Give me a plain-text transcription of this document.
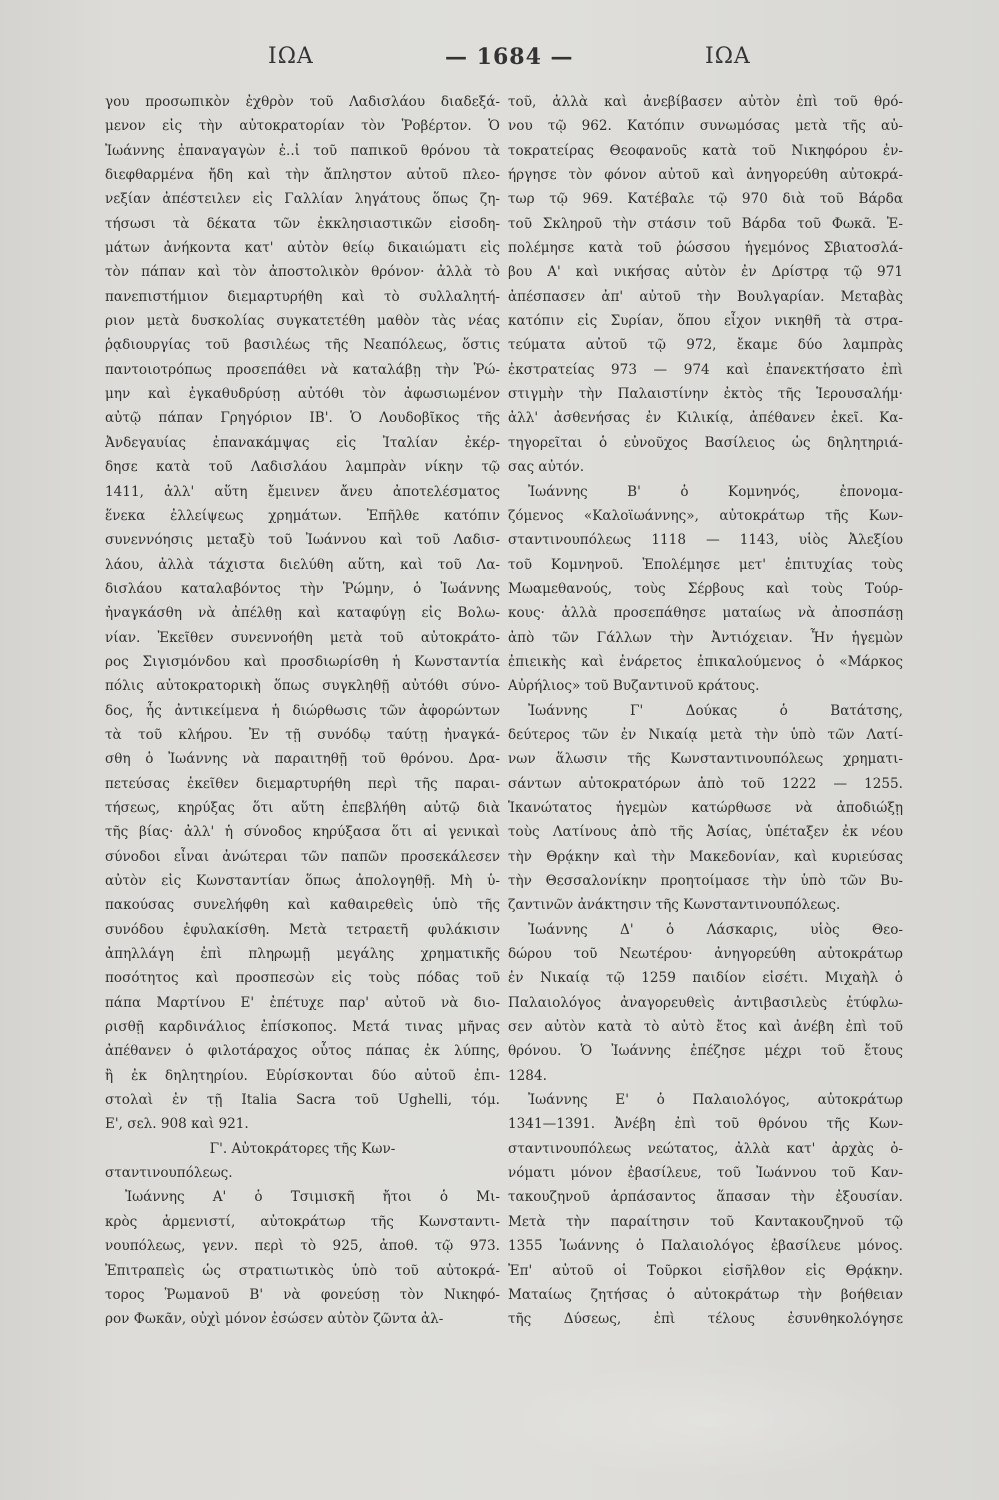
ΙΩΑ	— 1684 —	ΙΩΑ
γου προσωπικὸν ἐχθρὸν τοῦ Λαδισλάου διαδεξά-
μενον εἰς τὴν αὐτοκρατορίαν τὸν Ῥοβέρτον. Ὁ
Ἰωάννης ἐπαναγαγὼν ἐ..ἰ τοῦ παπικοῦ θρόνου τὰ
διεφθαρμένα ἤδη καὶ τὴν ἄπληστον αὐτοῦ πλεο-
νεξίαν ἀπέστειλεν εἰς Γαλλίαν ληγάτους ὅπως ζη-
τήσωσι τὰ δέκατα τῶν ἐκκλησιαστικῶν εἰσοδη-
μάτων ἀνήκοντα κατ' αὐτὸν θείῳ δικαιώματι εἰς
τὸν πάπαν καὶ τὸν ἀποστολικὸν θρόνον· ἀλλὰ τὸ
πανεπιστήμιον διεμαρτυρήθη καὶ τὸ συλλαλητή-
ριον μετὰ δυσκολίας συγκατετέθη μαθὸν τὰς νέας
ῥᾳδιουργίας τοῦ βασιλέως τῆς Νεαπόλεως, ὅστις
παντοιοτρόπως προσεπάθει νὰ καταλάβῃ τὴν Ῥώ-
μην καὶ ἐγκαθυδρύσῃ αὐτόθι τὸν ἀφωσιωμένον
αὐτῷ πάπαν Γρηγόριον ΙΒ'. Ὁ Λουδοβῖκος τῆς
Ἀνδεγαυίας ἐπανακάμψας εἰς Ἰταλίαν ἐκέρ-
δησε κατὰ τοῦ Λαδισλάου λαμπρὰν νίκην τῷ
1411, ἀλλ' αὕτη ἔμεινεν ἄνευ ἀποτελέσματος
ἕνεκα ἐλλείψεως χρημάτων. Ἐπῆλθε κατόπιν
συνεννόησις μεταξὺ τοῦ Ἰωάννου καὶ τοῦ Λαδισ-
λάου, ἀλλὰ τάχιστα διελύθη αὕτη, καὶ τοῦ Λα-
δισλάου καταλαβόντος τὴν Ῥώμην, ὁ Ἰωάννης
ἠναγκάσθη νὰ ἀπέλθῃ καὶ καταφύγῃ εἰς Βολω-
νίαν. Ἐκεῖθεν συνεννοήθη μετὰ τοῦ αὐτοκράτο-
ρος Σιγισμόνδου καὶ προσδιωρίσθη ἡ Κωνσταντία
πόλις αὐτοκρατορικὴ ὅπως συγκληθῇ αὐτόθι σύνο-
δος, ἧς ἀντικείμενα ἡ διώρθωσις τῶν ἀφορώντων
τὰ τοῦ κλήρου. Ἐν τῇ συνόδῳ ταύτῃ ἠναγκά-
σθη ὁ Ἰωάννης νὰ παραιτηθῇ τοῦ θρόνου. Δρα-
πετεύσας ἐκεῖθεν διεμαρτυρήθη περὶ τῆς παραι-
τήσεως, κηρύξας ὅτι αὕτη ἐπεβλήθη αὐτῷ διὰ
τῆς βίας· ἀλλ' ἡ σύνοδος κηρύξασα ὅτι αἱ γενικαὶ
σύνοδοι εἶναι ἀνώτεραι τῶν παπῶν προσεκάλεσεν
αὐτὸν εἰς Κωνσταντίαν ὅπως ἀπολογηθῇ. Μὴ ὑ-
πακούσας συνελήφθη καὶ καθαιρεθεὶς ὑπὸ τῆς
συνόδου ἐφυλακίσθη. Μετὰ τετραετῆ φυλάκισιν
ἀπηλλάγη ἐπὶ πληρωμῇ μεγάλης χρηματικῆς
ποσότητος καὶ προσπεσὼν εἰς τοὺς πόδας τοῦ
πάπα Μαρτίνου Ε' ἐπέτυχε παρ' αὐτοῦ νὰ διο-
ρισθῇ καρδινάλιος ἐπίσκοπος. Μετά τινας μῆνας
ἀπέθανεν ὁ φιλοτάραχος οὗτος πάπας ἐκ λύπης,
ἢ ἐκ δηλητηρίου. Εὑρίσκονται δύο αὐτοῦ ἐπι-
στολαὶ ἐν τῇ Italia Sacra τοῦ Ughelli, τόμ.
Ε', σελ. 908 καὶ 921.
Γ'. Αὐτοκράτορες τῆς Κων-
σταντινουπόλεως.
Ἰωάννης Α' ὁ Τσιμισκῆ ἤτοι ὁ Μι-
κρὸς ἀρμενιστί, αὐτοκράτωρ τῆς Κωνσταντι-
νουπόλεως, γενν. περὶ τὸ 925, ἀποθ. τῷ 973.
Ἐπιτραπεὶς ὡς στρατιωτικὸς ὑπὸ τοῦ αὐτοκρά-
τορος Ῥωμανοῦ Β' νὰ φονεύσῃ τὸν Νικηφό-
ρον Φωκᾶν, οὐχὶ μόνον ἐσώσεν αὐτὸν ζῶντα ἀλ-
τοῦ, ἀλλὰ καὶ ἀνεβίβασεν αὐτὸν ἐπὶ τοῦ θρό-
νου τῷ 962. Κατόπιν συνωμόσας μετὰ τῆς αὐ-
τοκρατείρας Θεοφανοῦς κατὰ τοῦ Νικηφόρου ἐν-
ήργησε τὸν φόνον αὐτοῦ καὶ ἀνηγορεύθη αὐτοκρά-
τωρ τῷ 969. Κατέβαλε τῷ 970 διὰ τοῦ Βάρδα
τοῦ Σκληροῦ τὴν στάσιν τοῦ Βάρδα τοῦ Φωκᾶ. Ἐ-
πολέμησε κατὰ τοῦ ῥώσσου ἡγεμόνος Σβιατοσλά-
βου Α' καὶ νικήσας αὐτὸν ἐν Δρίστρᾳ τῷ 971
ἀπέσπασεν ἀπ' αὐτοῦ τὴν Βουλγαρίαν. Μεταβὰς
κατόπιν εἰς Συρίαν, ὅπου εἶχον νικηθῆ τὰ στρα-
τεύματα αὐτοῦ τῷ 972, ἔκαμε δύο λαμπρὰς
ἐκστρατείας 973 — 974 καὶ ἐπανεκτήσατο ἐπὶ
στιγμὴν τὴν Παλαιστίνην ἐκτὸς τῆς Ἱερουσαλήμ·
ἀλλ' ἀσθενήσας ἐν Κιλικίᾳ, ἀπέθανεν ἐκεῖ. Κα-
τηγορεῖται ὁ εὐνοῦχος Βασίλειος ὡς δηλητηριά-
σας αὐτόν.
Ἰωάννης Β' ὁ Κομνηνός, ἐπονομα-
ζόμενος «Καλοϊωάννης», αὐτοκράτωρ τῆς Κων-
σταντινουπόλεως 1118 — 1143, υἱὸς Ἀλεξίου
τοῦ Κομνηνοῦ. Ἐπολέμησε μετ' ἐπιτυχίας τοὺς
Μωαμεθανούς, τοὺς Σέρβους καὶ τοὺς Τούρ-
κους· ἀλλὰ προσεπάθησε ματαίως νὰ ἀποσπάσῃ
ἀπὸ τῶν Γάλλων τὴν Ἀντιόχειαν. Ἦν ἡγεμὼν
ἐπιεικὴς καὶ ἐνάρετος ἐπικαλούμενος ὁ «Μάρκος
Αὐρήλιος» τοῦ Βυζαντινοῦ κράτους.
Ἰωάννης Γ' Δούκας ὁ Βατάτσης,
δεύτερος τῶν ἐν Νικαίᾳ μετὰ τὴν ὑπὸ τῶν Λατί-
νων ἅλωσιν τῆς Κωνσταντινουπόλεως χρηματι-
σάντων αὐτοκρατόρων ἀπὸ τοῦ 1222 — 1255.
Ἱκανώτατος ἡγεμὼν κατώρθωσε νὰ ἀποδιώξῃ
τοὺς Λατίνους ἀπὸ τῆς Ἀσίας, ὑπέταξεν ἐκ νέου
τὴν Θρᾴκην καὶ τὴν Μακεδονίαν, καὶ κυριεύσας
τὴν Θεσσαλονίκην προητοίμασε τὴν ὑπὸ τῶν Βυ-
ζαντινῶν ἀνάκτησιν τῆς Κωνσταντινουπόλεως.
Ἰωάννης Δ' ὁ Λάσκαρις, υἱὸς Θεο-
δώρου τοῦ Νεωτέρου· ἀνηγορεύθη αὐτοκράτωρ
ἐν Νικαίᾳ τῷ 1259 παιδίον εἰσέτι. Μιχαὴλ ὁ
Παλαιολόγος ἀναγορευθεὶς ἀντιβασιλεὺς ἐτύφλω-
σεν αὐτὸν κατὰ τὸ αὐτὸ ἔτος καὶ ἀνέβη ἐπὶ τοῦ
θρόνου. Ὁ Ἰωάννης ἐπέζησε μέχρι τοῦ ἔτους
1284.
Ἰωάννης Ε' ὁ Παλαιολόγος, αὐτοκράτωρ
1341—1391. Ἀνέβη ἐπὶ τοῦ θρόνου τῆς Κων-
σταντινουπόλεως νεώτατος, ἀλλὰ κατ' ἀρχὰς ὀ-
νόματι μόνον ἐβασίλευε, τοῦ Ἰωάννου τοῦ Καν-
τακουζηνοῦ ἁρπάσαντος ἅπασαν τὴν ἐξουσίαν.
Μετὰ τὴν παραίτησιν τοῦ Καντακουζηνοῦ τῷ
1355 Ἰωάννης ὁ Παλαιολόγος ἐβασίλευε μόνος.
Ἐπ' αὐτοῦ οἱ Τοῦρκοι εἰσῆλθον εἰς Θρᾴκην.
Ματαίως ζητήσας ὁ αὐτοκράτωρ τὴν βοήθειαν
τῆς Δύσεως, ἐπὶ τέλους ἐσυνθηκολόγησε
